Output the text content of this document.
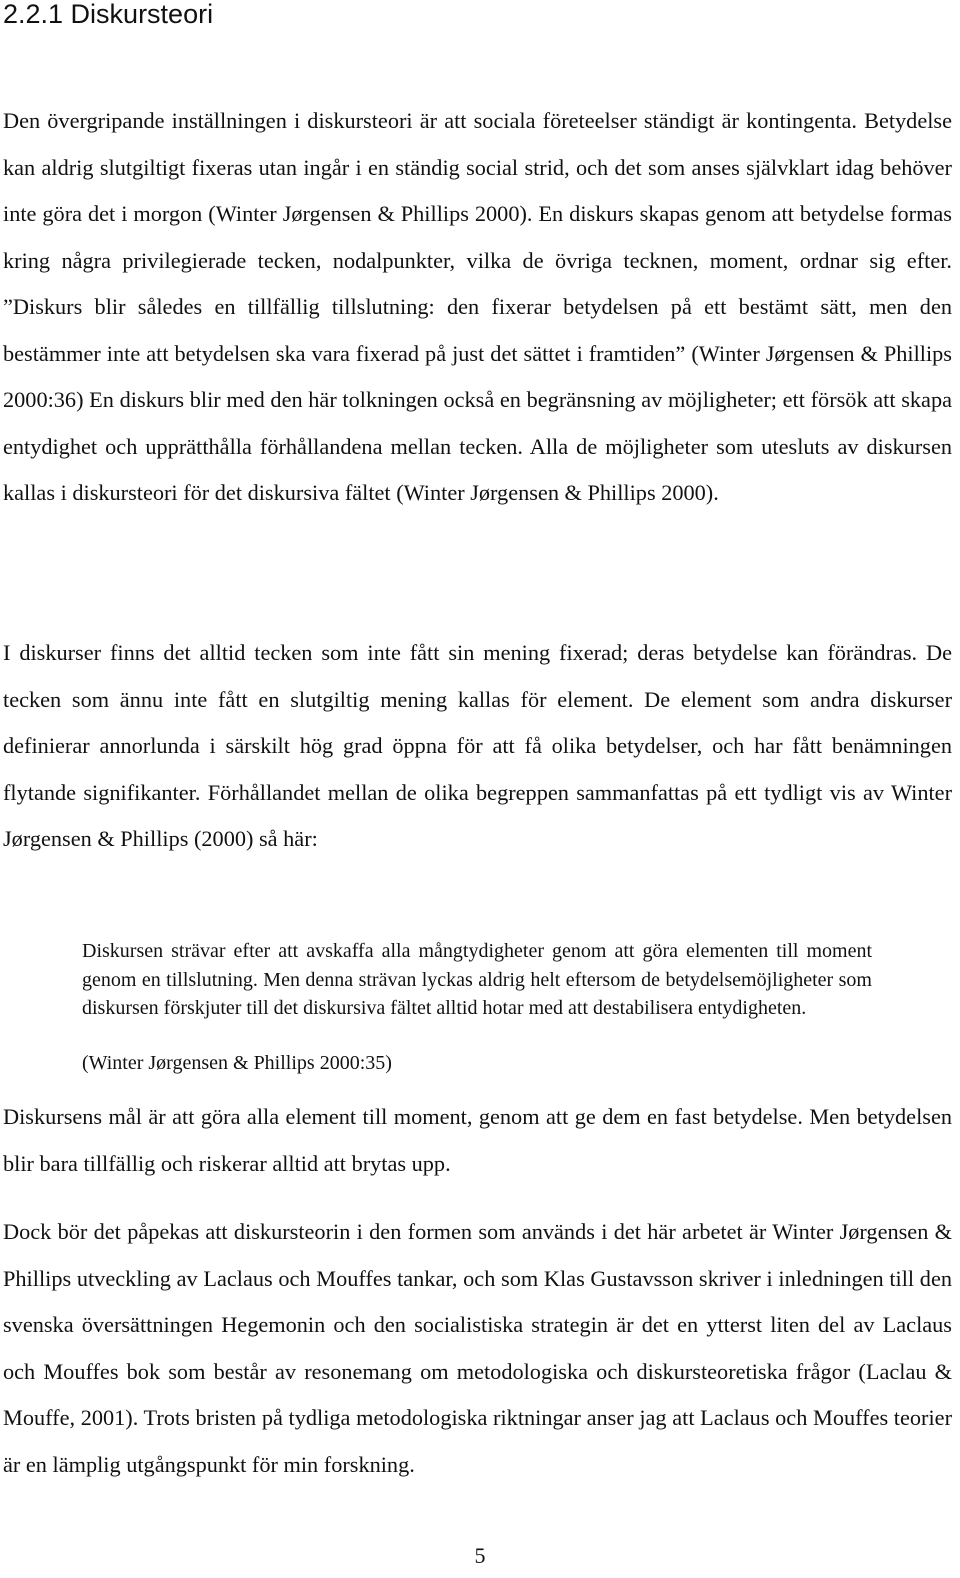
2.2.1 Diskursteori

Den övergripande inställningen i diskursteori är att sociala företeelser ständigt är kontingenta. Betydelse kan aldrig slutgiltigt fixeras utan ingår i en ständig social strid, och det som anses självklart idag behöver inte göra det i morgon (Winter Jørgensen & Phillips 2000). En diskurs skapas genom att betydelse formas kring några privilegierade tecken, nodalpunkter, vilka de övriga tecknen, moment, ordnar sig efter. ”Diskurs blir således en tillfällig tillslutning: den fixerar betydelsen på ett bestämt sätt, men den bestämmer inte att betydelsen ska vara fixerad på just det sättet i framtiden” (Winter Jørgensen & Phillips 2000:36) En diskurs blir med den här tolkningen också en begränsning av möjligheter; ett försök att skapa entydighet och upprätthålla förhållandena mellan tecken. Alla de möjligheter som utesluts av diskursen kallas i diskursteori för det diskursiva fältet (Winter Jørgensen & Phillips 2000).

I diskurser finns det alltid tecken som inte fått sin mening fixerad; deras betydelse kan förändras. De tecken som ännu inte fått en slutgiltig mening kallas för element. De element som andra diskurser definierar annorlunda i särskilt hög grad öppna för att få olika betydelser, och har fått benämningen flytande signifikanter. Förhållandet mellan de olika begreppen sammanfattas på ett tydligt vis av Winter Jørgensen & Phillips (2000) så här:

Diskursen strävar efter att avskaffa alla mångtydigheter genom att göra elementen till moment genom en tillslutning. Men denna strävan lyckas aldrig helt eftersom de betydelsemöjligheter som diskursen förskjuter till det diskursiva fältet alltid hotar med att destabilisera entydigheten.

(Winter Jørgensen & Phillips 2000:35)

Diskursens mål är att göra alla element till moment, genom att ge dem en fast betydelse. Men betydelsen blir bara tillfällig och riskerar alltid att brytas upp.

Dock bör det påpekas att diskursteorin i den formen som används i det här arbetet är Winter Jørgensen & Phillips utveckling av Laclaus och Mouffes tankar, och som Klas Gustavsson skriver i inledningen till den svenska översättningen Hegemonin och den socialistiska strategin är det en ytterst liten del av Laclaus och Mouffes bok som består av resonemang om metodologiska och diskursteoretiska frågor (Laclau & Mouffe, 2001). Trots bristen på tydliga metodologiska riktningar anser jag att Laclaus och Mouffes teorier är en lämplig utgångspunkt för min forskning.

5
